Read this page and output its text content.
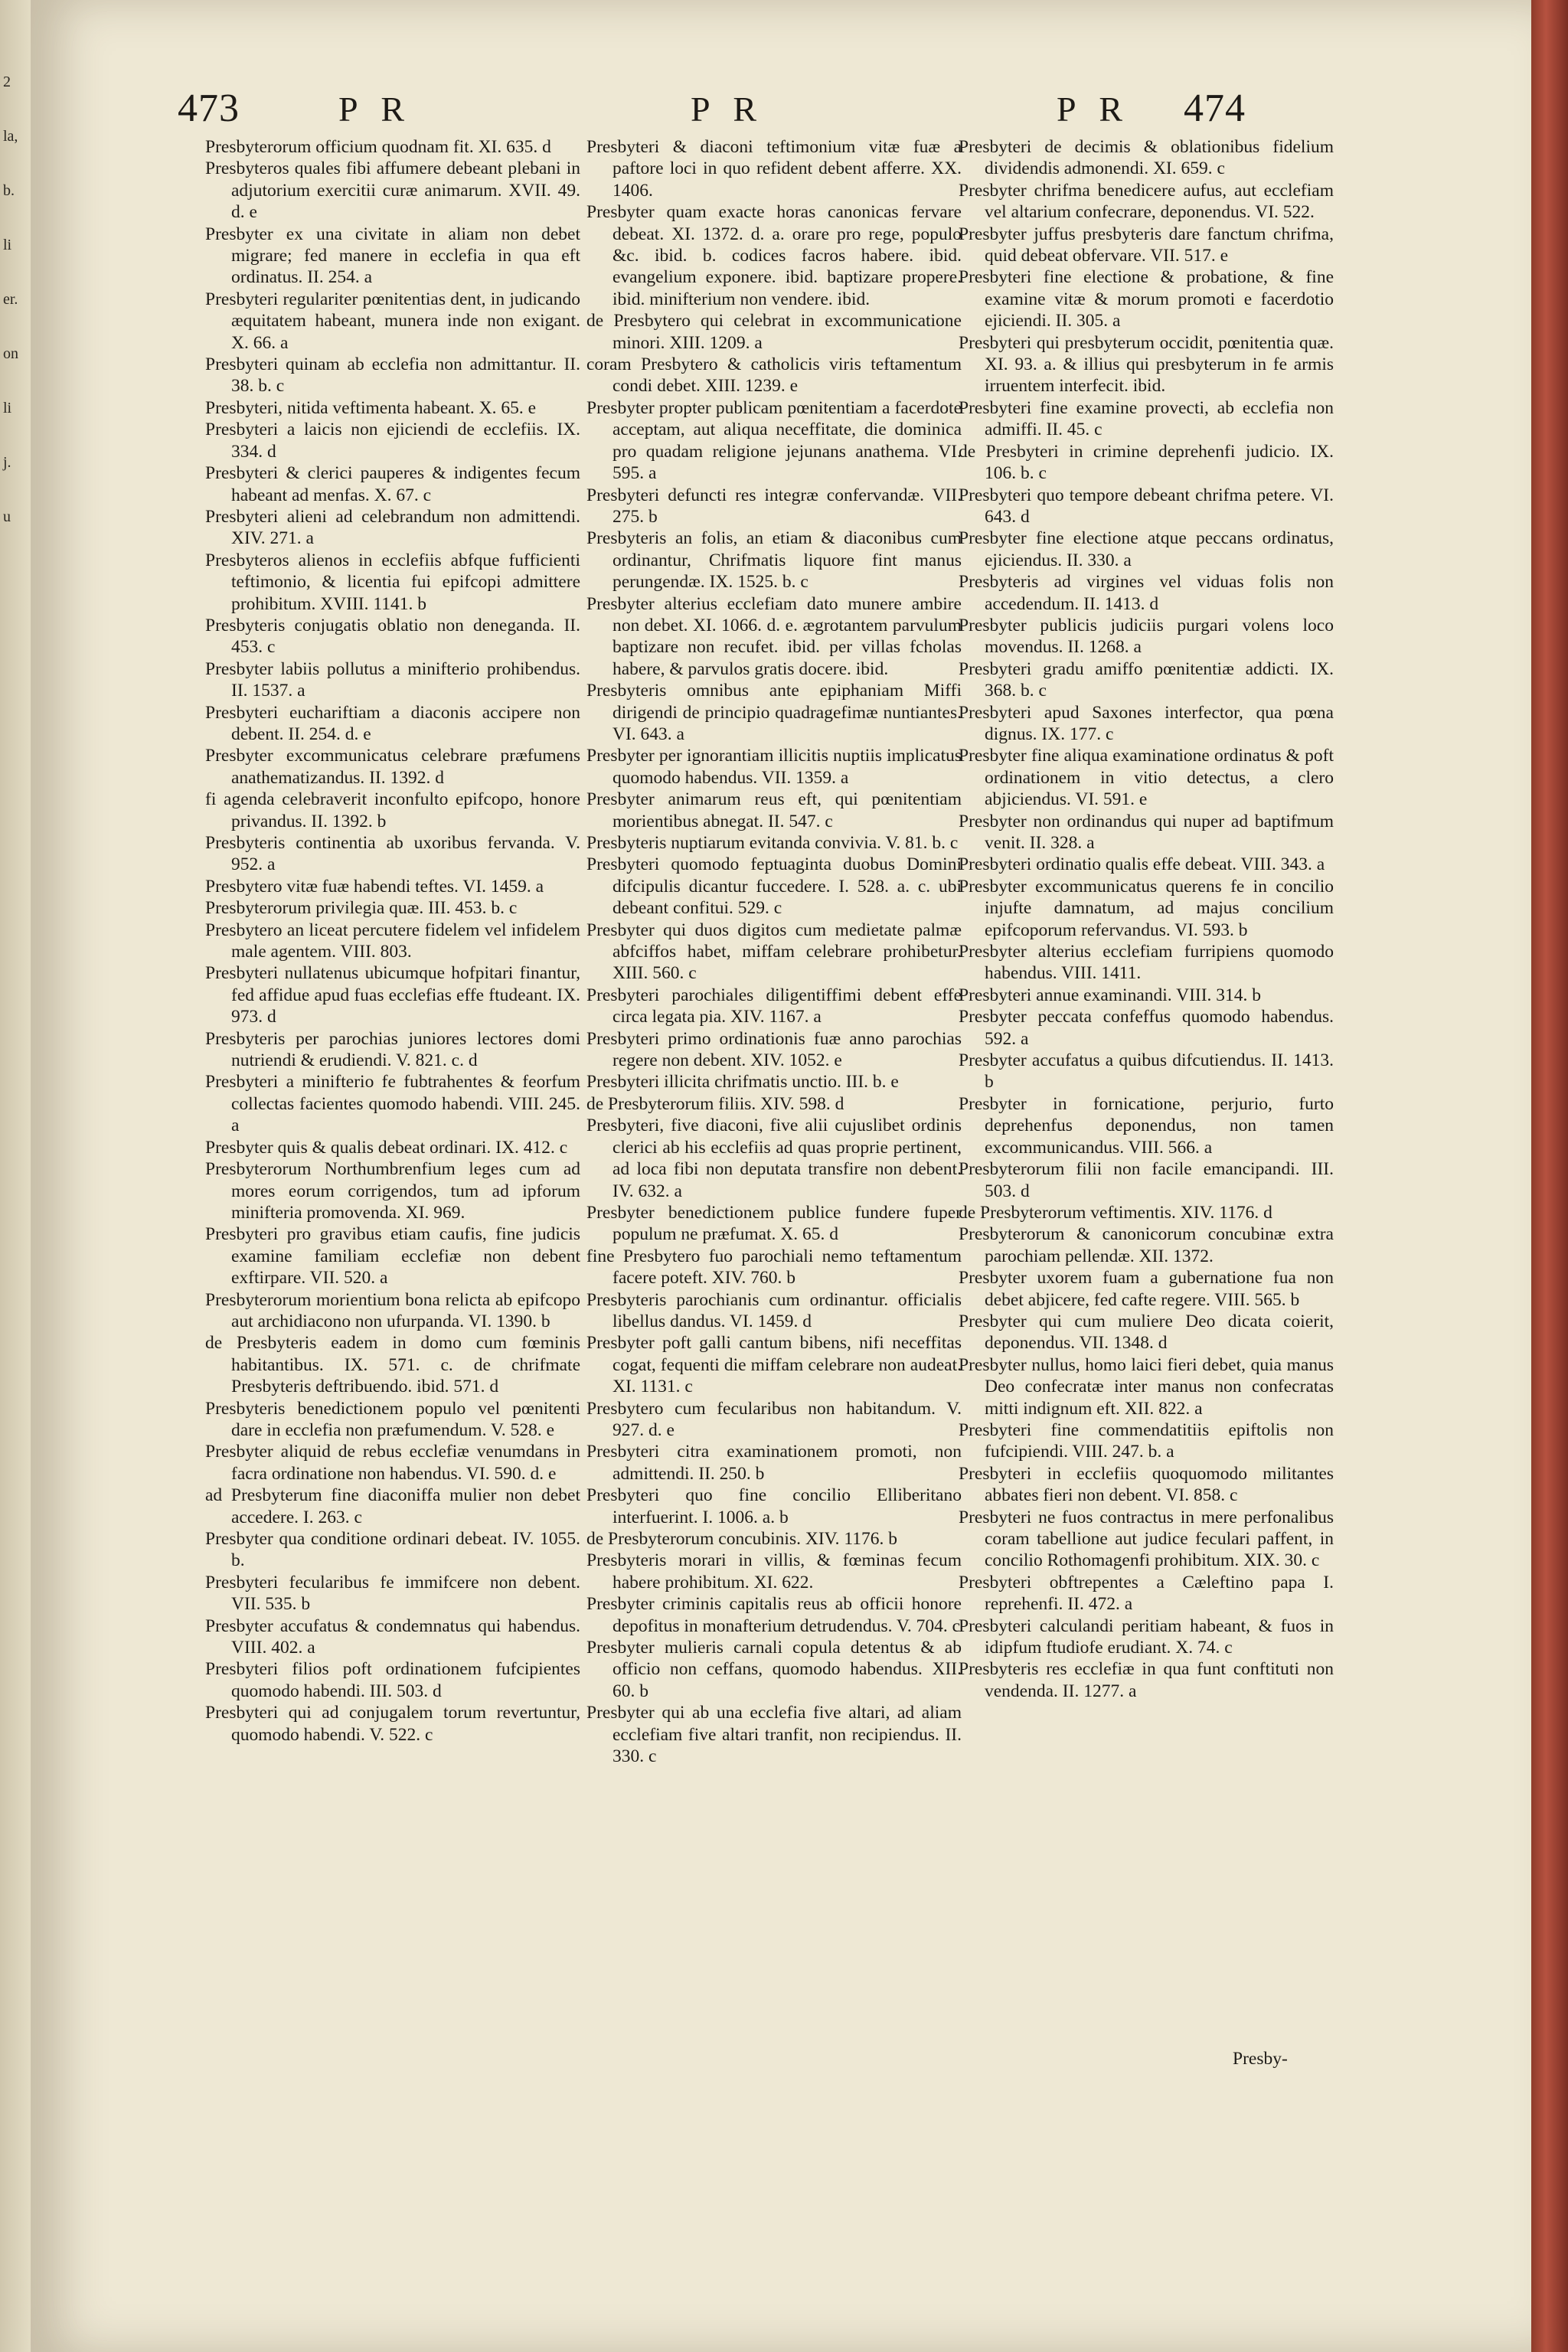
2
la,
b.
li
er.
on
li
j.
u
473	P R	P R	P R 474

Presbyterorum officium quodnam fit. XI. 635. d

Presbyteros quales fibi affumere debeant plebani in adjutorium exercitii curæ animarum. XVII. 49. d. e

Presbyter ex una civitate in aliam non debet migrare; fed manere in ecclefia in qua eft ordinatus. II. 254. a

Presbyteri regulariter pœnitentias dent, in judicando æquitatem habeant, munera inde non exigant. X. 66. a

Presbyteri quinam ab ecclefia non admittantur. II. 38. b. c

Presbyteri, nitida veftimenta habeant. X. 65. e

Presbyteri a laicis non ejiciendi de ecclefiis. IX. 334. d

Presbyteri & clerici pauperes & indigentes fecum habeant ad menfas. X. 67. c

Presbyteri alieni ad celebrandum non admittendi. XIV. 271. a

Presbyteros alienos in ecclefiis abfque fufficienti teftimonio, & licentia fui epifcopi admittere prohibitum. XVIII. 1141. b

Presbyteris conjugatis oblatio non deneganda. II. 453. c

Presbyter labiis pollutus a minifterio prohibendus. II. 1537. a

Presbyteri euchariftiam a diaconis accipere non debent. II. 254. d. e

Presbyter excommunicatus celebrare præfumens anathematizandus. II. 1392. d

fi agenda celebraverit inconfulto epifcopo, honore privandus. II. 1392. b

Presbyteris continentia ab uxoribus fervanda. V. 952. a

Presbytero vitæ fuæ habendi teftes. VI. 1459. a

Presbyterorum privilegia quæ. III. 453. b. c

Presbytero an liceat percutere fidelem vel infidelem male agentem. VIII. 803.

Presbyteri nullatenus ubicumque hofpitari finantur, fed affidue apud fuas ecclefias effe ftudeant. IX. 973. d

Presbyteris per parochias juniores lectores domi nutriendi & erudiendi. V. 821. c. d

Presbyteri a minifterio fe fubtrahentes & feorfum collectas facientes quomodo habendi. VIII. 245. a

Presbyter quis & qualis debeat ordinari. IX. 412. c

Presbyterorum Northumbrenfium leges cum ad mores eorum corrigendos, tum ad ipforum minifteria promovenda. XI. 969.

Presbyteri pro gravibus etiam caufis, fine judicis examine familiam ecclefiæ non debent exftirpare. VII. 520. a

Presbyterorum morientium bona relicta ab epifcopo aut archidiacono non ufurpanda. VI. 1390. b

de Presbyteris eadem in domo cum fœminis habitantibus. IX. 571. c. de chrifmate Presbyteris deftribuendo. ibid. 571. d

Presbyteris benedictionem populo vel pœnitenti dare in ecclefia non præfumendum. V. 528. e

Presbyter aliquid de rebus ecclefiæ venumdans in facra ordinatione non habendus. VI. 590. d. e

ad Presbyterum fine diaconiffa mulier non debet accedere. I. 263. c

Presbyter qua conditione ordinari debeat. IV. 1055. b.

Presbyteri fecularibus fe immifcere non debent. VII. 535. b

Presbyter accufatus & condemnatus qui habendus. VIII. 402. a

Presbyteri filios poft ordinationem fufcipientes quomodo habendi. III. 503. d

Presbyteri qui ad conjugalem torum revertuntur, quomodo habendi. V. 522. c

Presbyteri & diaconi teftimonium vitæ fuæ a paftore loci in quo refident debent afferre. XX. 1406.

Presbyter quam exacte horas canonicas fervare debeat. XI. 1372. d. a. orare pro rege, populo &c. ibid. b. codices facros habere. ibid. evangelium exponere. ibid. baptizare propere. ibid. minifterium non vendere. ibid.

de Presbytero qui celebrat in excommunicatione minori. XIII. 1209. a

coram Presbytero & catholicis viris teftamentum condi debet. XIII. 1239. e

Presbyter propter publicam pœnitentiam a facerdote acceptam, aut aliqua neceffitate, die dominica pro quadam religione jejunans anathema. VI. 595. a

Presbyteri defuncti res integræ confervandæ. VII. 275. b

Presbyteris an folis, an etiam & diaconibus cum ordinantur, Chrifmatis liquore fint manus perungendæ. IX. 1525. b. c

Presbyter alterius ecclefiam dato munere ambire non debet. XI. 1066. d. e. ægrotantem parvulum baptizare non recufet. ibid. per villas fcholas habere, & parvulos gratis docere. ibid.

Presbyteris omnibus ante epiphaniam Miffi dirigendi de principio quadragefimæ nuntiantes. VI. 643. a

Presbyter per ignorantiam illicitis nuptiis implicatus quomodo habendus. VII. 1359. a

Presbyter animarum reus eft, qui pœnitentiam morientibus abnegat. II. 547. c

Presbyteris nuptiarum evitanda convivia. V. 81. b. c

Presbyteri quomodo feptuaginta duobus Domini difcipulis dicantur fuccedere. I. 528. a. c. ubi debeant confitui. 529. c

Presbyter qui duos digitos cum medietate palmæ abfciffos habet, miffam celebrare prohibetur. XIII. 560. c

Presbyteri parochiales diligentiffimi debent effe circa legata pia. XIV. 1167. a

Presbyteri primo ordinationis fuæ anno parochias regere non debent. XIV. 1052. e

Presbyteri illicita chrifmatis unctio. III. b. e

de Presbyterorum filiis. XIV. 598. d

Presbyteri, five diaconi, five alii cujuslibet ordinis clerici ab his ecclefiis ad quas proprie pertinent, ad loca fibi non deputata transfire non debent. IV. 632. a

Presbyter benedictionem publice fundere fuper populum ne præfumat. X. 65. d

fine Presbytero fuo parochiali nemo teftamentum facere poteft. XIV. 760. b

Presbyteris parochianis cum ordinantur. officialis libellus dandus. VI. 1459. d

Presbyter poft galli cantum bibens, nifi neceffitas cogat, fequenti die miffam celebrare non audeat. XI. 1131. c

Presbytero cum fecularibus non habitandum. V. 927. d. e

Presbyteri citra examinationem promoti, non admittendi. II. 250. b

Presbyteri quo fine concilio Elliberitano interfuerint. I. 1006. a. b

de Presbyterorum concubinis. XIV. 1176. b

Presbyteris morari in villis, & fœminas fecum habere prohibitum. XI. 622.

Presbyter criminis capitalis reus ab officii honore depofitus in monafterium detrudendus. V. 704. c

Presbyter mulieris carnali copula detentus & ab officio non ceffans, quomodo habendus. XII. 60. b

Presbyter qui ab una ecclefia five altari, ad aliam ecclefiam five altari tranfit, non recipiendus. II. 330. c

Presbyteri de decimis & oblationibus fidelium dividendis admonendi. XI. 659. c

Presbyter chrifma benedicere aufus, aut ecclefiam vel altarium confecrare, deponendus. VI. 522.

Presbyter juffus presbyteris dare fanctum chrifma, quid debeat obfervare. VII. 517. e

Presbyteri fine electione & probatione, & fine examine vitæ & morum promoti e facerdotio ejiciendi. II. 305. a

Presbyteri qui presbyterum occidit, pœnitentia quæ. XI. 93. a. & illius qui presbyterum in fe armis irruentem interfecit. ibid.

Presbyteri fine examine provecti, ab ecclefia non admiffi. II. 45. c

de Presbyteri in crimine deprehenfi judicio. IX. 106. b. c

Presbyteri quo tempore debeant chrifma petere. VI. 643. d

Presbyter fine electione atque peccans ordinatus, ejiciendus. II. 330. a

Presbyteris ad virgines vel viduas folis non accedendum. II. 1413. d

Presbyter publicis judiciis purgari volens loco movendus. II. 1268. a

Presbyteri gradu amiffo pœnitentiæ addicti. IX. 368. b. c

Presbyteri apud Saxones interfector, qua pœna dignus. IX. 177. c

Presbyter fine aliqua examinatione ordinatus & poft ordinationem in vitio detectus, a clero abjiciendus. VI. 591. e

Presbyter non ordinandus qui nuper ad baptifmum venit. II. 328. a

Presbyteri ordinatio qualis effe debeat. VIII. 343. a

Presbyter excommunicatus querens fe in concilio injufte damnatum, ad majus concilium epifcoporum refervandus. VI. 593. b

Presbyter alterius ecclefiam furripiens quomodo habendus. VIII. 1411.

Presbyteri annue examinandi. VIII. 314. b

Presbyter peccata confeffus quomodo habendus. 592. a

Presbyter accufatus a quibus difcutiendus. II. 1413. b

Presbyter in fornicatione, perjurio, furto deprehenfus deponendus, non tamen excommunicandus. VIII. 566. a

Presbyterorum filii non facile emancipandi. III. 503. d

de Presbyterorum veftimentis. XIV. 1176. d

Presbyterorum & canonicorum concubinæ extra parochiam pellendæ. XII. 1372.

Presbyter uxorem fuam a gubernatione fua non debet abjicere, fed cafte regere. VIII. 565. b

Presbyter qui cum muliere Deo dicata coierit, deponendus. VII. 1348. d

Presbyter nullus, homo laici fieri debet, quia manus Deo confecratæ inter manus non confecratas mitti indignum eft. XII. 822. a

Presbyteri fine commendatitiis epiftolis non fufcipiendi. VIII. 247. b. a

Presbyteri in ecclefiis quoquomodo militantes abbates fieri non debent. VI. 858. c

Presbyteri ne fuos contractus in mere perfonalibus coram tabellione aut judice feculari paffent, in concilio Rothomagenfi prohibitum. XIX. 30. c

Presbyteri obftrepentes a Cæleftino papa I. reprehenfi. II. 472. a

Presbyteri calculandi peritiam habeant, & fuos in idipfum ftudiofe erudiant. X. 74. c

Presbyteris res ecclefiæ in qua funt conftituti non vendenda. II. 1277. a

Presby-
